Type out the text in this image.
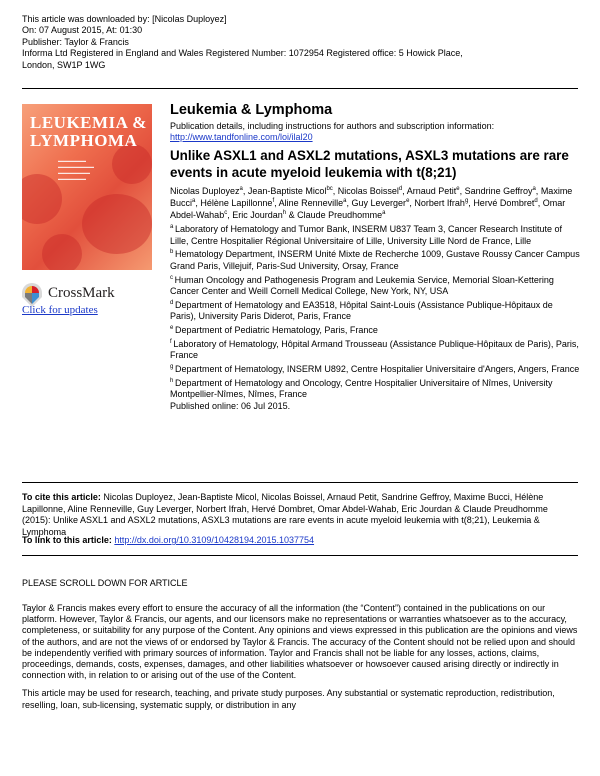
This article was downloaded by: [Nicolas Duployez]
On: 07 August 2015, At: 01:30
Publisher: Taylor & Francis
Informa Ltd Registered in England and Wales Registered Number: 1072954 Registered office: 5 Howick Place,
London, SW1P 1WG
LEUKEMIA &
LYMPHOMA
▬▬▬▬▬▬▬
▬▬▬▬▬▬▬▬▬
▬▬▬▬▬▬▬▬
▬▬▬▬▬▬▬
CrossMark
Click for updates
Leukemia & Lymphoma
Publication details, including instructions for authors and subscription information:
http://www.tandfonline.com/loi/ilal20
Unlike ASXL1 and ASXL2 mutations, ASXL3 mutations are rare events in acute myeloid leukemia with t(8;21)
Nicolas Duployez$^a$, Jean-Baptiste Micol$^{bc}$, Nicolas Boissel$^d$, Arnaud Petit$^e$, Sandrine Geffroy$^a$, Maxime Bucci$^a$, Hélène Lapillonne$^f$, Aline Renneville$^a$, Guy Leverger$^e$, Norbert Ifrah$^g$, Hervé Dombret$^d$, Omar Abdel-Wahab$^c$, Eric Jourdan$^h$ & Claude Preudhomme$^a$
$^a$ Laboratory of Hematology and Tumor Bank, INSERM U837 Team 3, Cancer Research Institute of Lille, Centre Hospitalier Régional Universitaire of Lille, University Lille Nord de France, Lille
$^b$ Hematology Department, INSERM Unité Mixte de Recherche 1009, Gustave Roussy Cancer Campus Grand Paris, Villejuif, Paris-Sud University, Orsay, France
$^c$ Human Oncology and Pathogenesis Program and Leukemia Service, Memorial Sloan-Kettering Cancer Center and Weill Cornell Medical College, New York, NY, USA
$^d$ Department of Hematology and EA3518, Hôpital Saint-Louis (Assistance Publique-Hôpitaux de Paris), University Paris Diderot, Paris, France
$^e$ Department of Pediatric Hematology, Paris, France
$^f$ Laboratory of Hematology, Hôpital Armand Trousseau (Assistance Publique-Hôpitaux de Paris), Paris, France
$^g$ Department of Hematology, INSERM U892, Centre Hospitalier Universitaire d'Angers, Angers, France
$^h$ Department of Hematology and Oncology, Centre Hospitalier Universitaire of Nîmes, University Montpellier-Nîmes, Nîmes, France
Published online: 06 Jul 2015.
To cite this article: Nicolas Duployez, Jean-Baptiste Micol, Nicolas Boissel, Arnaud Petit, Sandrine Geffroy, Maxime Bucci, Hélène Lapillonne, Aline Renneville, Guy Leverger, Norbert Ifrah, Hervé Dombret, Omar Abdel-Wahab, Eric Jourdan & Claude Preudhomme (2015): Unlike ASXL1 and ASXL2 mutations, ASXL3 mutations are rare events in acute myeloid leukemia with t(8;21), Leukemia & Lymphoma
To link to this article: http://dx.doi.org/10.3109/10428194.2015.1037754
PLEASE SCROLL DOWN FOR ARTICLE

Taylor & Francis makes every effort to ensure the accuracy of all the information (the “Content”) contained in the publications on our platform. However, Taylor & Francis, our agents, and our licensors make no representations or warranties whatsoever as to the accuracy, completeness, or suitability for any purpose of the Content. Any opinions and views expressed in this publication are the opinions and views of the authors, and are not the views of or endorsed by Taylor & Francis. The accuracy of the Content should not be relied upon and should be independently verified with primary sources of information. Taylor and Francis shall not be liable for any losses, actions, claims, proceedings, demands, costs, expenses, damages, and other liabilities whatsoever or howsoever caused arising directly or indirectly in connection with, in relation to or arising out of the use of the Content.

This article may be used for research, teaching, and private study purposes. Any substantial or systematic reproduction, redistribution, reselling, loan, sub-licensing, systematic supply, or distribution in any
